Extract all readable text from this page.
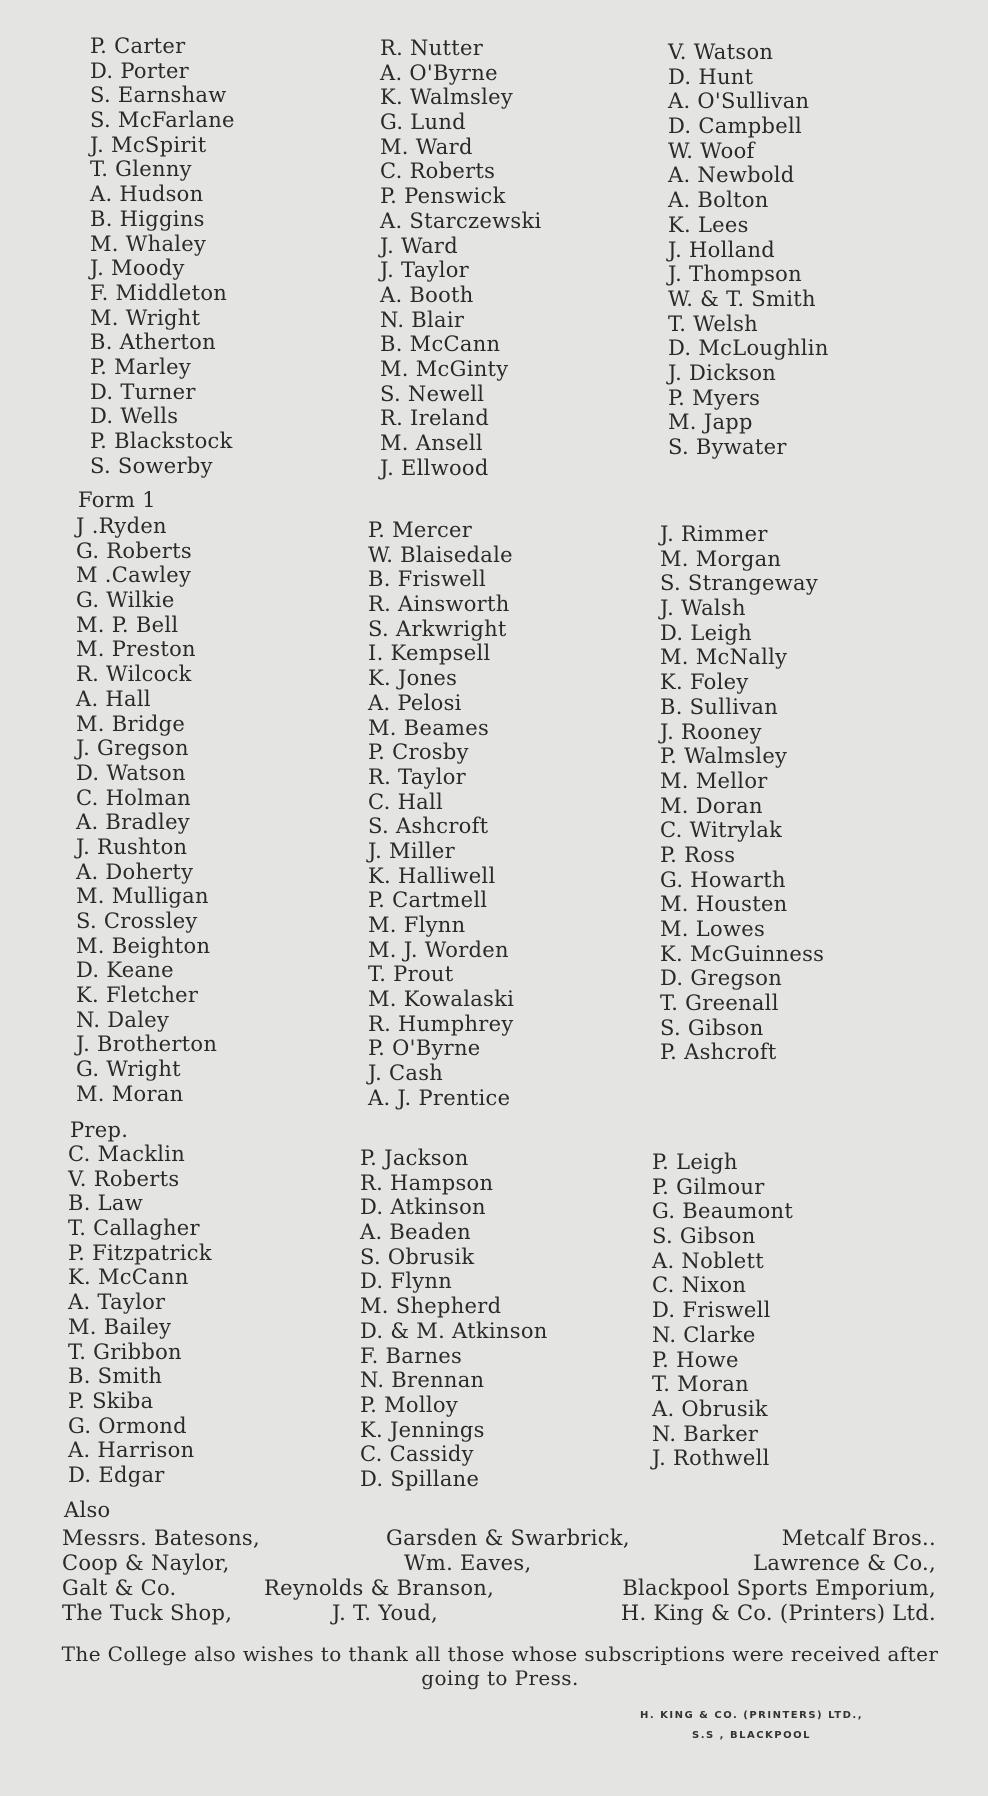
P. Carter
D. Porter
S. Earnshaw
S. McFarlane
J. McSpirit
T. Glenny
A. Hudson
B. Higgins
M. Whaley
J. Moody
F. Middleton
M. Wright
B. Atherton
P. Marley
D. Turner
D. Wells
P. Blackstock
S. Sowerby
R. Nutter
A. O'Byrne
K. Walmsley
G. Lund
M. Ward
C. Roberts
P. Penswick
A. Starczewski
J. Ward
J. Taylor
A. Booth
N. Blair
B. McCann
M. McGinty
S. Newell
R. Ireland
M. Ansell
J. Ellwood
V. Watson
D. Hunt
A. O'Sullivan
D. Campbell
W. Woof
A. Newbold
A. Bolton
K. Lees
J. Holland
J. Thompson
W. & T. Smith
T. Welsh
D. McLoughlin
J. Dickson
P. Myers
M. Japp
S. Bywater
Form 1
J .Ryden
G. Roberts
M .Cawley
G. Wilkie
M. P. Bell
M. Preston
R. Wilcock
A. Hall
M. Bridge
J. Gregson
D. Watson
C. Holman
A. Bradley
J. Rushton
A. Doherty
M. Mulligan
S. Crossley
M. Beighton
D. Keane
K. Fletcher
N. Daley
J. Brotherton
G. Wright
M. Moran
P. Mercer
W. Blaisedale
B. Friswell
R. Ainsworth
S. Arkwright
I. Kempsell
K. Jones
A. Pelosi
M. Beames
P. Crosby
R. Taylor
C. Hall
S. Ashcroft
J. Miller
K. Halliwell
P. Cartmell
M. Flynn
M. J. Worden
T. Prout
M. Kowalaski
R. Humphrey
P. O'Byrne
J. Cash
A. J. Prentice
J. Rimmer
M. Morgan
S. Strangeway
J. Walsh
D. Leigh
M. McNally
K. Foley
B. Sullivan
J. Rooney
P. Walmsley
M. Mellor
M. Doran
C. Witrylak
P. Ross
G. Howarth
M. Housten
M. Lowes
K. McGuinness
D. Gregson
T. Greenall
S. Gibson
P. Ashcroft
Prep.
C. Macklin
V. Roberts
B. Law
T. Callagher
P. Fitzpatrick
K. McCann
A. Taylor
M. Bailey
T. Gribbon
B. Smith
P. Skiba
G. Ormond
A. Harrison
D. Edgar
P. Jackson
R. Hampson
D. Atkinson
A. Beaden
S. Obrusik
D. Flynn
M. Shepherd
D. & M. Atkinson
F. Barnes
N. Brennan
P. Molloy
K. Jennings
C. Cassidy
D. Spillane
P. Leigh
P. Gilmour
G. Beaumont
S. Gibson
A. Noblett
C. Nixon
D. Friswell
N. Clarke
P. Howe
T. Moran
A. Obrusik
N. Barker
J. Rothwell
Also
Messrs. Batesons,	Garsden & Swarbrick,	Metcalf Bros..
Coop & Naylor,	Wm. Eaves,	Lawrence & Co.,
Galt & Co.	Reynolds & Branson,	Blackpool Sports Emporium,
The Tuck Shop,	J. T. Youd,	H. King & Co. (Printers) Ltd.
The College also wishes to thank all those whose subscriptions were received after going to Press.
H. KING & CO. (PRINTERS) LTD.,
S.S , BLACKPOOL
